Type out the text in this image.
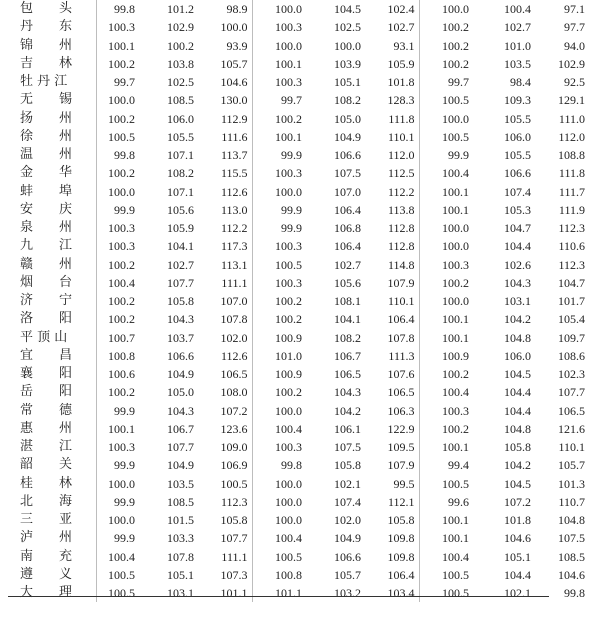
包　　头	99.8	101.2	98.9	100.0	104.5	102.4	100.0	100.4	97.1
丹　　东	100.3	102.9	100.0	100.3	102.5	102.7	100.2	102.7	97.7
锦　　州	100.1	100.2	93.9	100.0	100.0	93.1	100.2	101.0	94.0
吉　　林	100.2	103.8	105.7	100.1	103.9	105.9	100.2	103.5	102.9
牡 丹 江	99.7	102.5	104.6	100.3	105.1	101.8	99.7	98.4	92.5
无　　锡	100.0	108.5	130.0	99.7	108.2	128.3	100.5	109.3	129.1
扬　　州	100.2	106.0	112.9	100.2	105.0	111.8	100.0	105.5	111.0
徐　　州	100.5	105.5	111.6	100.1	104.9	110.1	100.5	106.0	112.0
温　　州	99.8	107.1	113.7	99.9	106.6	112.0	99.9	105.5	108.8
金　　华	100.2	108.2	115.5	100.3	107.5	112.5	100.4	106.6	111.8
蚌　　埠	100.0	107.1	112.6	100.0	107.0	112.2	100.1	107.4	111.7
安　　庆	99.9	105.6	113.0	99.9	106.4	113.8	100.1	105.3	111.9
泉　　州	100.3	105.9	112.2	99.9	106.8	112.8	100.0	104.7	112.3
九　　江	100.3	104.1	117.3	100.3	106.4	112.8	100.0	104.4	110.6
赣　　州	100.2	102.7	113.1	100.5	102.7	114.8	100.3	102.6	112.3
烟　　台	100.4	107.7	111.1	100.3	105.6	107.9	100.2	104.3	104.7
济　　宁	100.2	105.8	107.0	100.2	108.1	110.1	100.0	103.1	101.7
洛　　阳	100.2	104.3	107.8	100.2	104.1	106.4	100.1	104.2	105.4
平 顶 山	100.7	103.7	102.0	100.9	108.2	107.8	100.1	104.8	109.7
宜　　昌	100.8	106.6	112.6	101.0	106.7	111.3	100.9	106.0	108.6
襄　　阳	100.6	104.9	106.5	100.9	106.5	107.6	100.2	104.5	102.3
岳　　阳	100.2	105.0	108.0	100.2	104.3	106.5	100.4	104.4	107.7
常　　德	99.9	104.3	107.2	100.0	104.2	106.3	100.3	104.4	106.5
惠　　州	100.1	106.7	123.6	100.4	106.1	122.9	100.2	104.8	121.6
湛　　江	100.3	107.7	109.0	100.3	107.5	109.5	100.1	105.8	110.1
韶　　关	99.9	104.9	106.9	99.8	105.8	107.9	99.4	104.2	105.7
桂　　林	100.0	103.5	100.5	100.0	102.1	99.5	100.5	104.5	101.3
北　　海	99.9	108.5	112.3	100.0	107.4	112.1	99.6	107.2	110.7
三　　亚	100.0	101.5	105.8	100.0	102.0	105.8	100.1	101.8	104.8
泸　　州	99.9	103.3	107.7	100.4	104.9	109.8	100.1	104.6	107.5
南　　充	100.4	107.8	111.1	100.5	106.6	109.8	100.4	105.1	108.5
遵　　义	100.5	105.1	107.3	100.8	105.7	106.4	100.5	104.4	104.6
大　　理	100.5	103.1	101.1	101.1	103.2	103.4	100.5	102.1	99.8
